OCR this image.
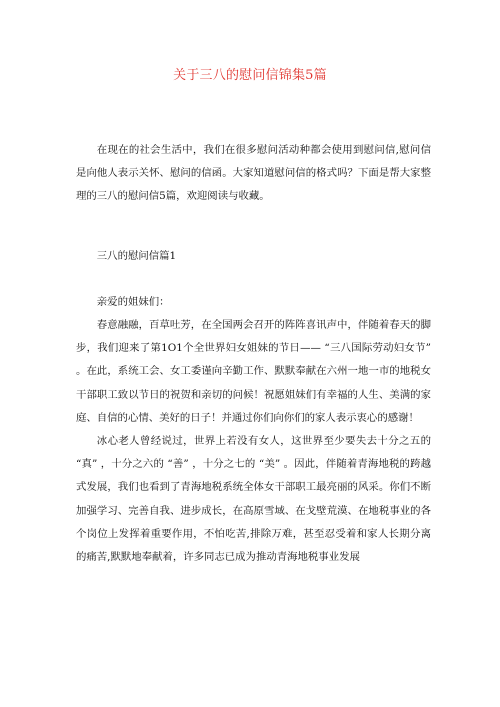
关于三八的慰问信锦集5篇

在现在的社会生活中，我们在很多慰问活动种都会使用到慰问信,慰问信是向他人表示关怀、慰问的信函。大家知道慰问信的格式吗？下面是帮大家整理的三八的慰问信5篇，欢迎阅读与收藏。

三八的慰问信篇1

亲爱的姐妹们：

春意融融，百草吐芳，在全国两会召开的阵阵喜讯声中，伴随着春天的脚步，我们迎来了第1O1个全世界妇女姐妹的节日—— “三八国际劳动妇女节” 。在此，系统工会、女工委谨向辛勤工作、默默奉献在六州一地一市的地税女干部职工致以节日的祝贺和亲切的问候！祝愿姐妹们有幸福的人生、美满的家庭、自信的心情、美好的日子！并通过你们向你们的家人表示衷心的感谢！

冰心老人曾经说过，世界上若没有女人，这世界至少要失去十分之五的 “真” ，十分之六的 “善” ，十分之七的 “美” 。因此，伴随着青海地税的跨越式发展，我们也看到了青海地税系统全体女干部职工最亮丽的风采。你们不断加强学习、完善自我、进步成长，在高原雪域、在戈壁荒漠、在地税事业的各个岗位上发挥着重要作用，不怕吃苦,排除万难，甚至忍受着和家人长期分离的痛苦,默默地奉献着，许多同志已成为推动青海地税事业发展
